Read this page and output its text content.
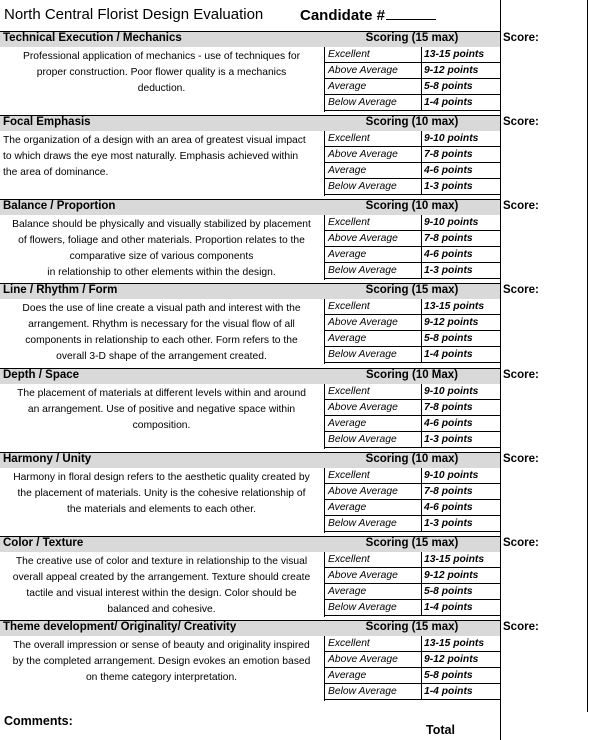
North Central Florist Design Evaluation Candidate #
Technical Execution / Mechanics	Scoring (15 max)	Score:
Professional application of mechanics - use of techniques for
proper construction. Poor flower quality is a mechanics
deduction.
Excellent	13-15 points
Above Average	9-12 points
Average	5-8 points
Below Average	1-4 points
Focal Emphasis	Scoring (10 max)	Score:
The organization of a design with an area of greatest visual impact
to which draws the eye most naturally. Emphasis achieved within
the area of dominance.
Excellent	9-10 points
Above Average	7-8 points
Average	4-6 points
Below Average	1-3 points
Balance / Proportion	Scoring (10 max)	Score:
Balance should be physically and visually stabilized by placement
of flowers, foliage and other materials. Proportion relates to the
comparative size of various components
in relationship to other elements within the design.
Excellent	9-10 points
Above Average	7-8 points
Average	4-6 points
Below Average	1-3 points
Line / Rhythm / Form	Scoring (15 max)	Score:
Does the use of line create a visual path and interest with the
arrangement. Rhythm is necessary for the visual flow of all
components in relationship to each other. Form refers to the
overall 3-D shape of the arrangement created.
Excellent	13-15 points
Above Average	9-12 points
Average	5-8 points
Below Average	1-4 points
Depth / Space	Scoring (10 Max)	Score:
The placement of materials at different levels within and around
an arrangement. Use of positive and negative space within
composition.
Excellent	9-10 points
Above Average	7-8 points
Average	4-6 points
Below Average	1-3 points
Harmony / Unity	Scoring (10 max)	Score:
Harmony in floral design refers to the aesthetic quality created by
the placement of materials. Unity is the cohesive relationship of
the materials and elements to each other.
Excellent	9-10 points
Above Average	7-8 points
Average	4-6 points
Below Average	1-3 points
Color / Texture	Scoring (15 max)	Score:
The creative use of color and texture in relationship to the visual
overall appeal created by the arrangement. Texture should create
tactile and visual interest within the design. Color should be
balanced and cohesive.
Excellent	13-15 points
Above Average	9-12 points
Average	5-8 points
Below Average	1-4 points
Theme development/ Originality/ Creativity	Scoring (15 max)	Score:
The overall impression or sense of beauty and originality inspired
by the completed arrangement. Design evokes an emotion based
on theme category interpretation.
Excellent	13-15 points
Above Average	9-12 points
Average	5-8 points
Below Average	1-4 points
Comments:
Total
